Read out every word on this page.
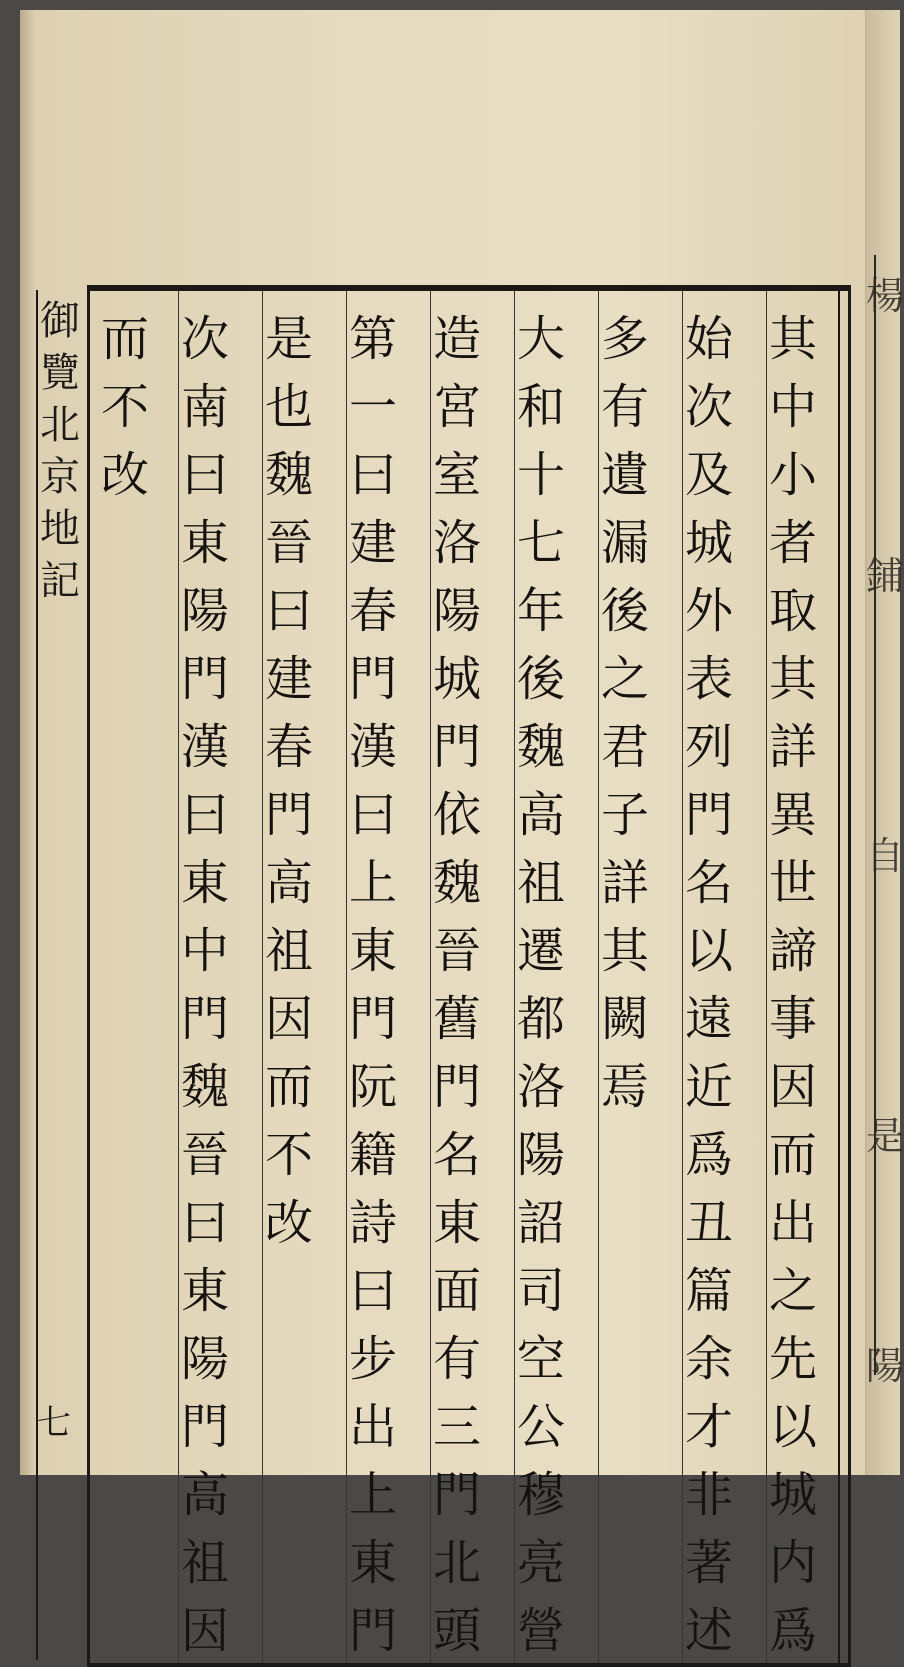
楊
鋪
自
是
陽
御
覽
北
京
地
記
七
其
中
小
者
取
其
詳
異
世
諦
事
因
而
出
之
先
以
城
内
爲
始
次
及
城
外
表
列
門
名
以
遠
近
爲
丑
篇
余
才
非
著
述
多
有
遺
漏
後
之
君
子
詳
其
闕
焉
大
和
十
七
年
後
魏
高
祖
遷
都
洛
陽
詔
司
空
公
穆
亮
營
造
宮
室
洛
陽
城
門
依
魏
晉
舊
門
名
東
面
有
三
門
北
頭
第
一
曰
建
春
門
漢
曰
上
東
門
阮
籍
詩
曰
步
出
上
東
門
是
也
魏
晉
曰
建
春
門
高
祖
因
而
不
改
次
南
曰
東
陽
門
漢
曰
東
中
門
魏
晉
曰
東
陽
門
高
祖
因
而
不
改
